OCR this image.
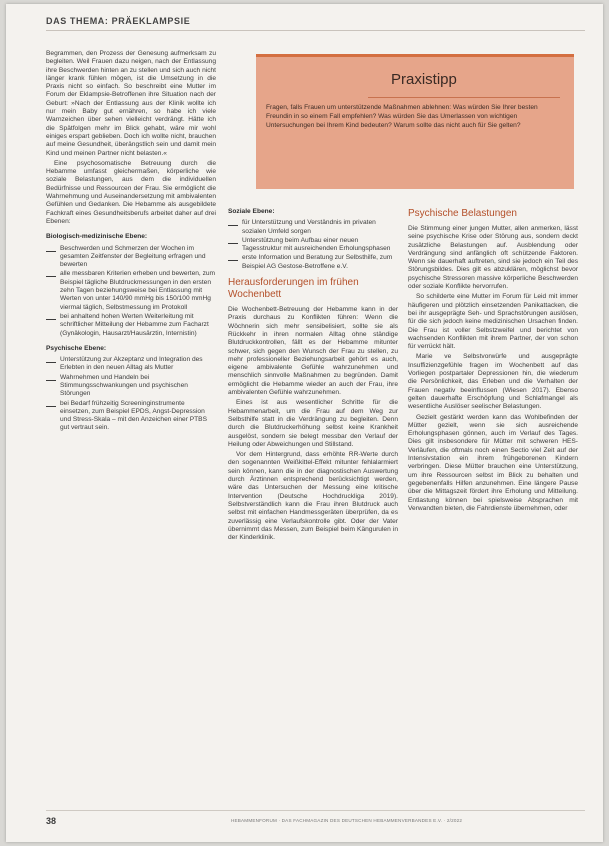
DAS THEMA: PRÄEKLAMPSIE

Begrammen, den Prozess der Genesung aufmerksam zu begleiten. Weil Frauen dazu neigen, nach der Entlassung ihre Beschwerden hinten an zu stellen und sich auch nicht länger krank fühlen mögen, ist die Umsetzung in die Praxis nicht so einfach. So beschreibt eine Mutter im Forum der Eklampsie-Betroffenen ihre Situation nach der Geburt: »Nach der Entlassung aus der Klinik wollte ich nur mein Baby gut ernähren, so habe ich viele Warnzeichen über sehen vielleicht verdrängt. Hätte ich die Spätfolgen mehr im Blick gehabt, wäre mir wohl einiges erspart geblieben. Doch ich wollte nicht, brauchen auf meine Gesundheit, überängstlich sein und damit mein Kind und meinen Partner nicht belasten.«

Eine psychosomatische Betreuung durch die Hebamme umfasst gleichermaßen, körperliche wie soziale Belastungen, aus dem die individuellen Bedürfnisse und Ressourcen der Frau. Sie ermöglicht die Wahrnehmung und Auseinandersetzung mit ambivalenten Gefühlen und Gedanken. Die Hebamme als ausgebildete Fachkraft eines Gesundheitsberufs arbeitet daher auf drei Ebenen:

Biologisch-medizinische Ebene:
Beschwerden und Schmerzen der Wochen im gesamten Zeitfenster der Begleitung erfragen und bewerten
alle messbaren Kriterien erheben und bewerten, zum Beispiel tägliche Blutdruckmessungen in den ersten zehn Tagen beziehungsweise bei Entlassung mit Werten von unter 140/90 mmHg bis 150/100 mmHg viermal täglich, Selbstmessung im Protokoll
bei anhaltend hohen Werten Weiterleitung mit schriftlicher Mitteilung der Hebamme zum Facharzt (Gynäkologin, Hausarzt/Hausärztin, Internistin)
Psychische Ebene:
Unterstützung zur Akzeptanz und Integration des Erlebten in den neuen Alltag als Mutter
Wahrnehmen und Handeln bei Stimmungsschwankungen und psychischen Störungen
bei Bedarf frühzeitig Screeninginstrumente einsetzen, zum Beispiel EPDS, Angst-Depression und Stress-Skala – mit den Anzeichen einer PTBS gut vertraut sein.
Praxistipp
Fragen, falls Frauen um unterstützende Maßnahmen ablehnen: Was würden Sie Ihrer besten Freundin in so einem Fall empfehlen? Was würden Sie das Umerlassen von wichtigen Untersuchungen bei Ihrem Kind bedeuten? Warum sollte das nicht auch für Sie gelten?
Soziale Ebene:
für Unterstützung und Verständnis im privaten sozialen Umfeld sorgen
Unterstützung beim Aufbau einer neuen Tagesstruktur mit ausreichenden Erholungsphasen
erste Information und Beratung zur Selbsthilfe, zum Beispiel AG Gestose-Betroffene e.V.
Herausforderungen im frühen Wochenbett

Die Wochenbett-Betreuung der Hebamme kann in der Praxis durchaus zu Konflikten führen: Wenn die Wöchnerin sich mehr sensibelisiert, sollte sie als Rückkehr in ihren normalen Alltag ohne ständige Blutdruckkontrollen, fällt es der Hebamme mitunter schwer, sich gegen den Wunsch der Frau zu stellen, zu mehr professioneller Beziehungsarbeit gehört es auch, eigene ambivalente Gefühle wahrzunehmen und menschlich sinnvolle Maßnahmen zu begründen. Damit ermöglicht die Hebamme wieder an auch der Frau, ihre ambivalenten Gefühle wahrzunehmen.

Eines ist aus wesentlicher Schritte für die Hebammenarbeit, um die Frau auf dem Weg zur Selbsthilfe statt in die Verdrängung zu begleiten. Denn durch die Blutdruckerhöhung selbst keine Krankheit ausgelöst, sondern sie belegt messbar den Verlauf der Heilung oder Abweichungen und Stillstand.

Vor dem Hintergrund, dass erhöhte RR-Werte durch den sogenannten Weißkittel-Effekt mitunter fehlalarmiert sein können, kann die in der diagnostischen Auswertung durch Ärztinnen entsprechend berücksichtigt werden, wäre das Untersuchen der Messung eine kritische Intervention (Deutsche Hochdruckliga 2019). Selbstverständlich kann die Frau ihren Blutdruck auch selbst mit einfachen Handmessgeräten überprüfen, da es zuverlässig eine Verlaufskontrolle gibt. Oder der Vater übernimmt das Messen, zum Beispiel beim Kängurulen in der Kinderklinik.

Psychische Belastungen

Die Stimmung einer jungen Mutter, allen anmerken, lässt seine psychische Krise oder Störung aus, sondern deckt zusätzliche Belastungen auf. Ausblendung oder Verdrängung sind anfänglich oft schützende Faktoren. Wenn sie dauerhaft auftreten, sind sie jedoch ein Teil des Störungsbildes. Dies gilt es abzuklären, möglichst bevor psychische Stressoren massive körperliche Beschwerden oder soziale Konflikte hervorrufen.

So schilderte eine Mutter im Forum für Leid mit immer häufigeren und plötzlich einsetzenden Panikattacken, die bei ihr ausgeprägte Seh- und Sprachstörungen auslösen, für die sich jedoch keine medizinischen Ursachen finden. Die Frau ist voller Selbstzweifel und berichtet von wachsenden Konflikten mit ihrem Partner, der von schon für verrückt hält.

Marie ve Selbstvorwürfe und ausgeprägte Insuffizienzgefühle fragen im Wochenbett auf das Vorliegen postpartaler Depressionen hin, die wiederum die Persönlichkeit, das Erleben und die Verhalten der Frauen negativ beeinflussen (Wiesen 2017). Ebenso gelten dauerhafte Erschöpfung und Schlafmangel als wesentliche Auslöser seelischer Belastungen.

Gezielt gestärkt werden kann das Wohlbefinden der Mütter gezielt, wenn sie sich ausreichende Erholungsphasen gönnen, auch im Verlauf des Tages. Dies gilt insbesondere für Mütter mit schweren HES-Verläufen, die oftmals noch einen Sectio viel Zeit auf der Intensivstation ein ihrem frühgeborenen Kindern verbringen. Diese Mütter brauchen eine Unterstützung, um ihre Ressourcen selbst im Blick zu behalten und gegebenenfalls Hilfen anzunehmen. Eine längere Pause über die Mittagszeit fördert ihre Erholung und Mitteilung. Entlastung können bei spielsweise Absprachen mit Verwandten bieten, die Fahrdienste übernehmen, oder

38	HEBAMMENFORUM · DAS FACHMAGAZIN DES DEUTSCHEN HEBAMMENVERBANDES E.V. · 2/2022
